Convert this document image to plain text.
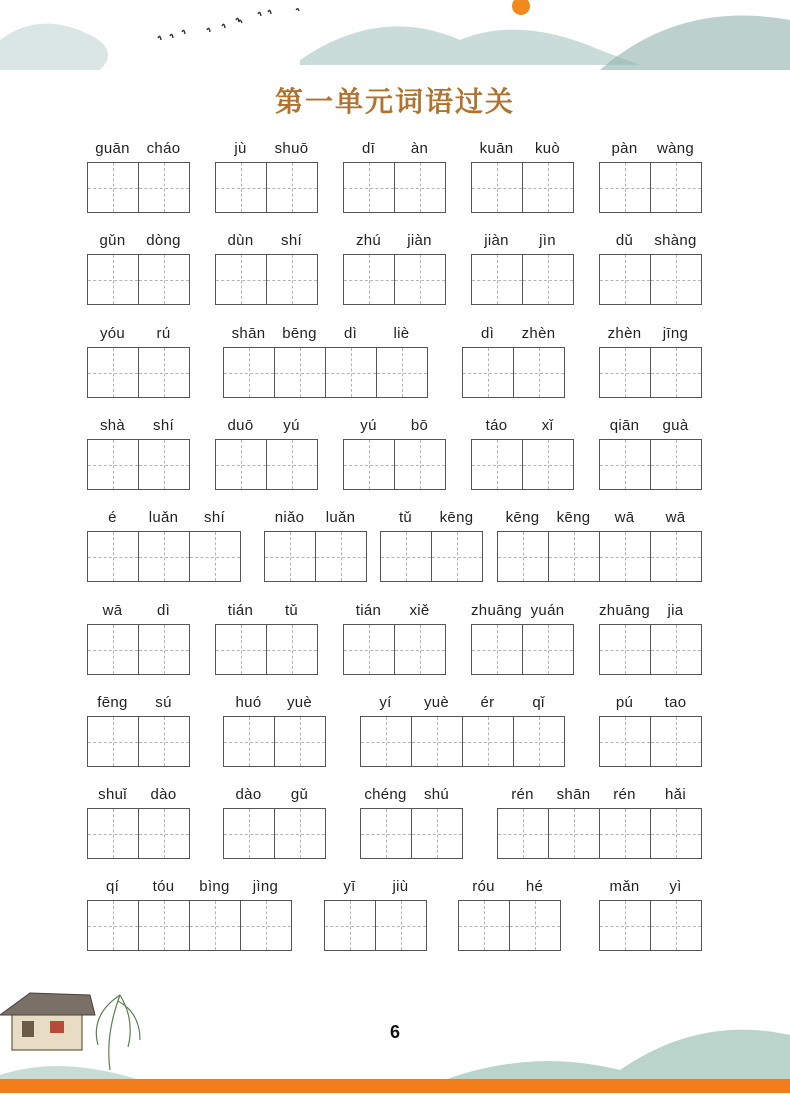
第一单元词语过关
guān	cháo	jù	shuō	dī	àn	kuān	kuò	pàn	wàng
gǔn	dòng	dùn	shí	zhú	jiàn	jiàn	jìn	dǔ	shàng
yóu	rú	shān	bēng	dì	liè	dì	zhèn	zhèn	jīng
shà	shí	duō	yú	yú	bō	táo	xǐ	qiān	guà
é	luǎn	shí	niǎo	luǎn	tǔ	kēng	kēng	kēng	wā	wā
wā	dì	tián	tǔ	tián	xiě	zhuāng yuán	zhuāng	jia
fēng	sú	huó	yuè	yí	yuè	ér	qǐ	pú	tao
shuǐ	dào	dào	gǔ	chéng	shú	rén	shān	rén	hǎi
qí	tóu	bìng	jìng	yī	jiù	róu	hé	mǎn	yì
6
